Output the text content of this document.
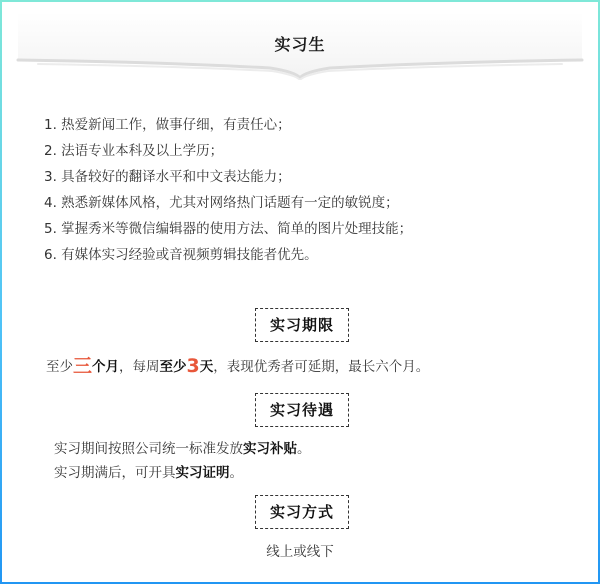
实习生
1. 热爱新闻工作，做事仔细，有责任心；
2. 法语专业本科及以上学历；
3. 具备较好的翻译水平和中文表达能力；
4. 熟悉新媒体风格，尤其对网络热门话题有一定的敏锐度；
5. 掌握秀米等微信编辑器的使用方法、简单的图片处理技能；
6. 有媒体实习经验或音视频剪辑技能者优先。
实习期限
至少三个月，每周至少3天，表现优秀者可延期，最长六个月。
实习待遇
实习期间按照公司统一标准发放实习补贴。
实习期满后，可开具实习证明。
实习方式
线上或线下
